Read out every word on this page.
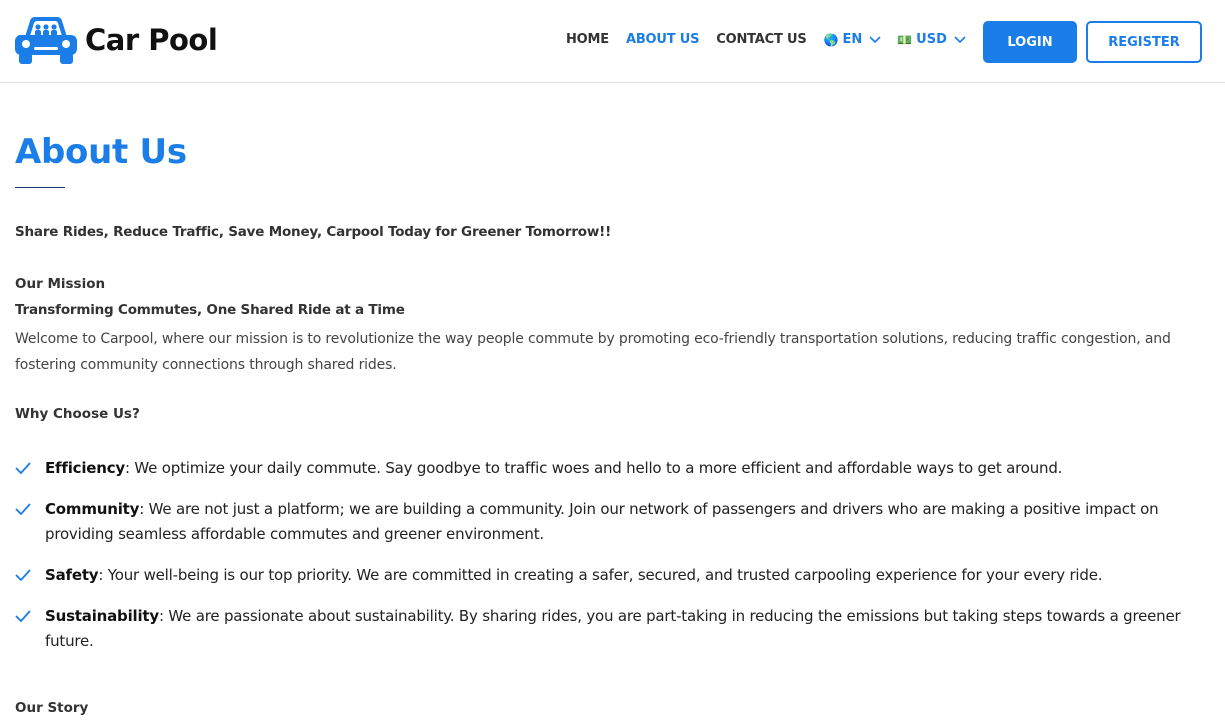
Car Pool	HOME ABOUT US CONTACT US 🌎 EN	💵 USD	LOGIN	REGISTER
About Us
Share Rides, Reduce Traffic, Save Money, Carpool Today for Greener Tomorrow!!
Our Mission
Transforming Commutes, One Shared Ride at a Time
Welcome to Carpool, where our mission is to revolutionize the way people commute by promoting eco-friendly transportation solutions, reducing traffic congestion, and fostering community connections through shared rides.
Why Choose Us?
Efficiency: We optimize your daily commute. Say goodbye to traffic woes and hello to a more efficient and affordable ways to get around.
Community: We are not just a platform; we are building a community. Join our network of passengers and drivers who are making a positive impact on providing seamless affordable commutes and greener environment.
Safety: Your well-being is our top priority. We are committed in creating a safer, secured, and trusted carpooling experience for your every ride.
Sustainability: We are passionate about sustainability. By sharing rides, you are part-taking in reducing the emissions but taking steps towards a greener future.
Our Story
